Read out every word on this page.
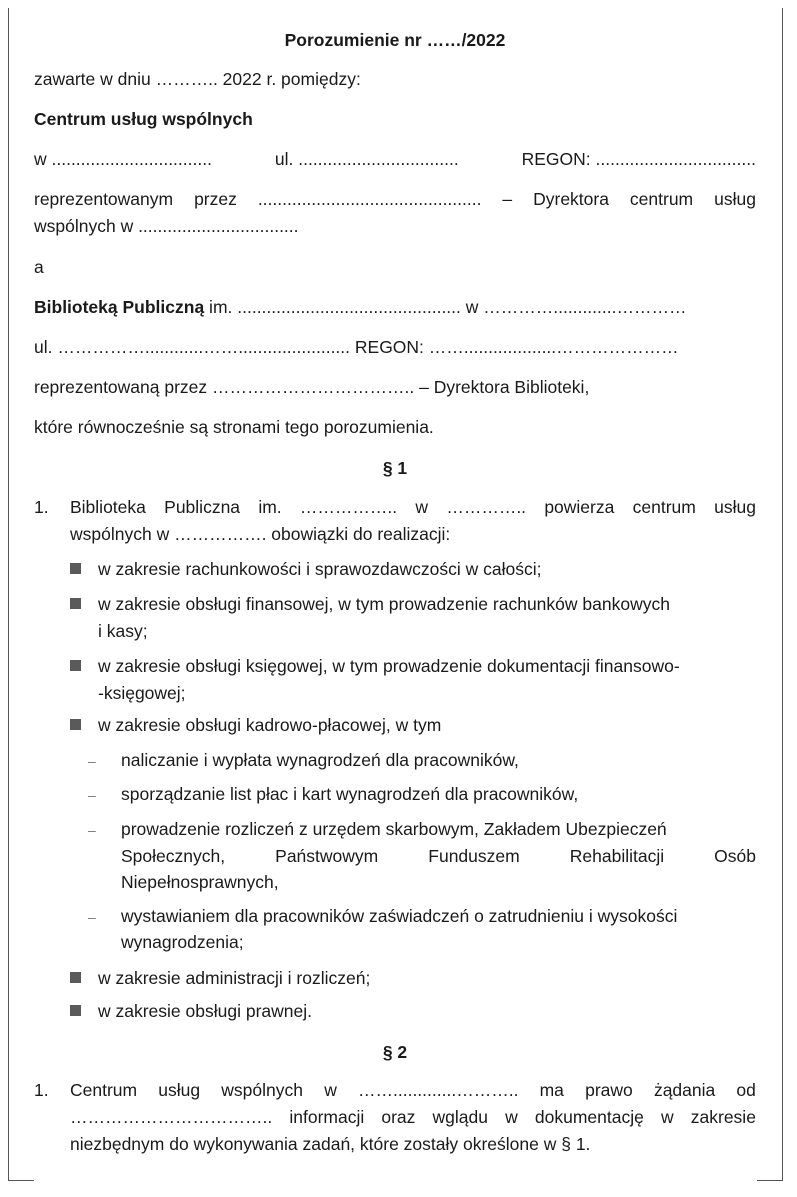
Porozumienie nr ……/2022
zawarte w dniu ……….. 2022 r. pomiędzy:
Centrum usług wspólnych
w .................................	ul. .................................	REGON: .................................
reprezentowanym przez .............................................. – Dyrektora centrum usług
wspólnych w .................................
a
Biblioteką Publiczną im. .............................................. w ………….............…………
ul. ……………............……....................... REGON: ……...................…………………
reprezentowaną przez …………………………….. – Dyrektora Biblioteki,
które równocześnie są stronami tego porozumienia.
§ 1
1. Biblioteka Publiczna im. …………….. w ………….. powierza centrum usług
wspólnych w ……………. obowiązki do realizacji:
w zakresie rachunkowości i sprawozdawczości w całości;
w zakresie obsługi finansowej, w tym prowadzenie rachunków bankowych
i kasy;
w zakresie obsługi księgowej, w tym prowadzenie dokumentacji finansowo-
-księgowej;
w zakresie obsługi kadrowo-płacowej, w tym
– naliczanie i wypłata wynagrodzeń dla pracowników,
– sporządzanie list płac i kart wynagrodzeń dla pracowników,
– prowadzenie rozliczeń z urzędem skarbowym, Zakładem Ubezpieczeń
Społecznych,	Państwowym	Funduszem	Rehabilitacji	Osób
Niepełnosprawnych,
– wystawianiem dla pracowników zaświadczeń o zatrudnieniu i wysokości
wynagrodzenia;
w zakresie administracji i rozliczeń;
w zakresie obsługi prawnej.
§ 2
1. Centrum usług wspólnych w …….............……….. ma prawo żądania od
…………………………….. informacji oraz wglądu w dokumentację w zakresie
niezbędnym do wykonywania zadań, które zostały określone w § 1.
